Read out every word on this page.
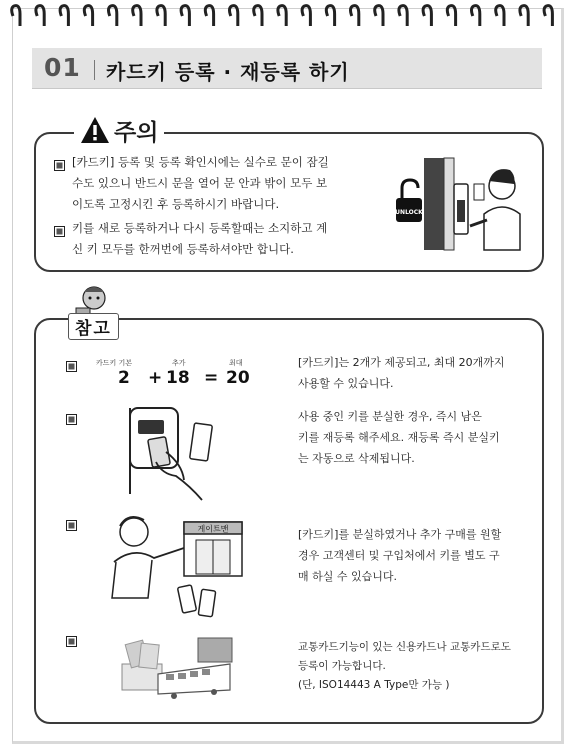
01 카드키 등록 · 재등록 하기
주의
[카드키] 등록 및 등록 확인시에는 실수로 문이 잠길
수도 있으니 반드시 문을 열어 문 안과 밖이 모두 보
이도록 고정시킨 후 등록하시기 바랍니다.
키를 새로 등록하거나 다시 등록할때는 소지하고 계
신 키 모두를 한꺼번에 등록하셔야만 합니다.
UNLOCK
참고
카드키 기본	추가	최대
2 + 18 = 20
[카드키]는 2개가 제공되고, 최대 20개까지
사용할 수 있습니다.
사용 중인 키를 분실한 경우, 즉시 남은
키를 재등록 해주세요. 재등록 즉시 분실키
는 자동으로 삭제됩니다.
게이트맨	[카드키]를 분실하였거나 추가 구매를 원할
경우 고객센터 및 구입처에서 키를 별도 구
매 하실 수 있습니다.
교통카드기능이 있는 신용카드나 교통카드로도
등록이 가능합니다.
(단, ISO14443 A Type만 가능 )
